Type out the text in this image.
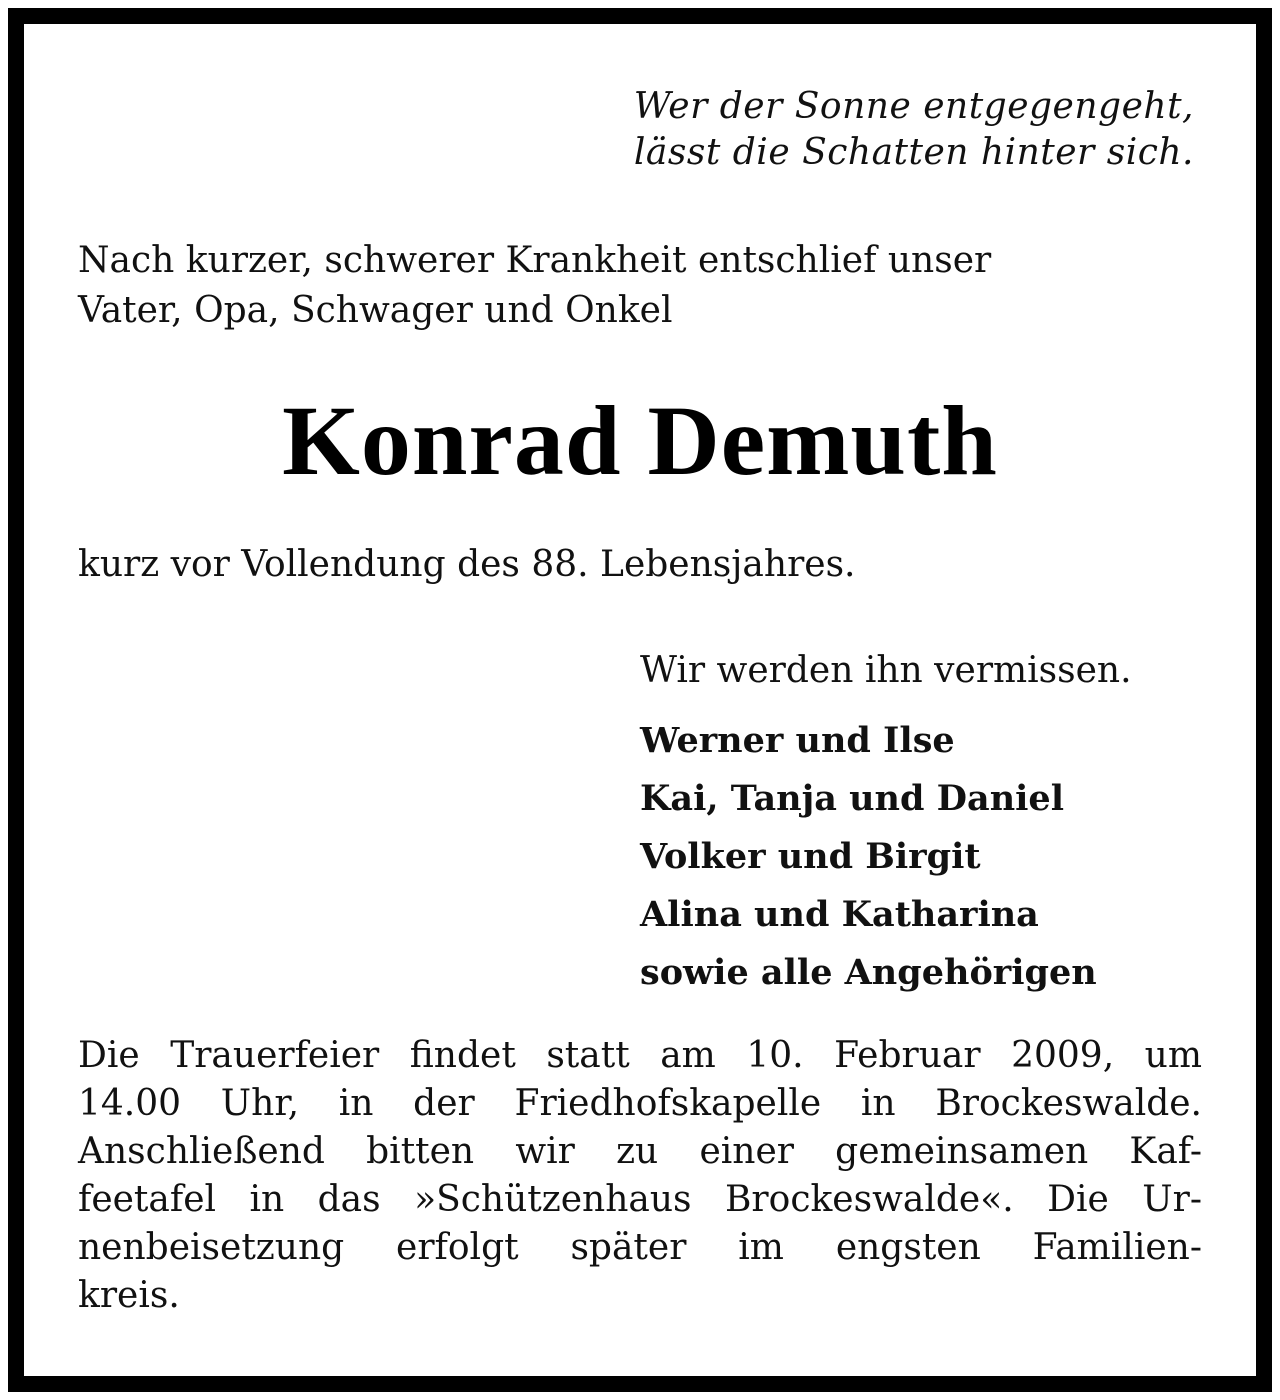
Wer der Sonne entgegengeht,
lässt die Schatten hinter sich.
Nach kurzer, schwerer Krankheit entschlief unser
Vater, Opa, Schwager und Onkel
Konrad Demuth
kurz vor Vollendung des 88. Lebensjahres.
Wir werden ihn vermissen.
Werner und Ilse
Kai, Tanja und Daniel
Volker und Birgit
Alina und Katharina
sowie alle Angehörigen
Die Trauerfeier findet statt am 10. Februar 2009, um
14.00 Uhr, in der Friedhofskapelle in Brockeswalde.
Anschließend bitten wir zu einer gemeinsamen Kaf-
feetafel in das »Schützenhaus Brockeswalde«. Die Ur-
nenbeisetzung erfolgt später im engsten Familien-
kreis.
